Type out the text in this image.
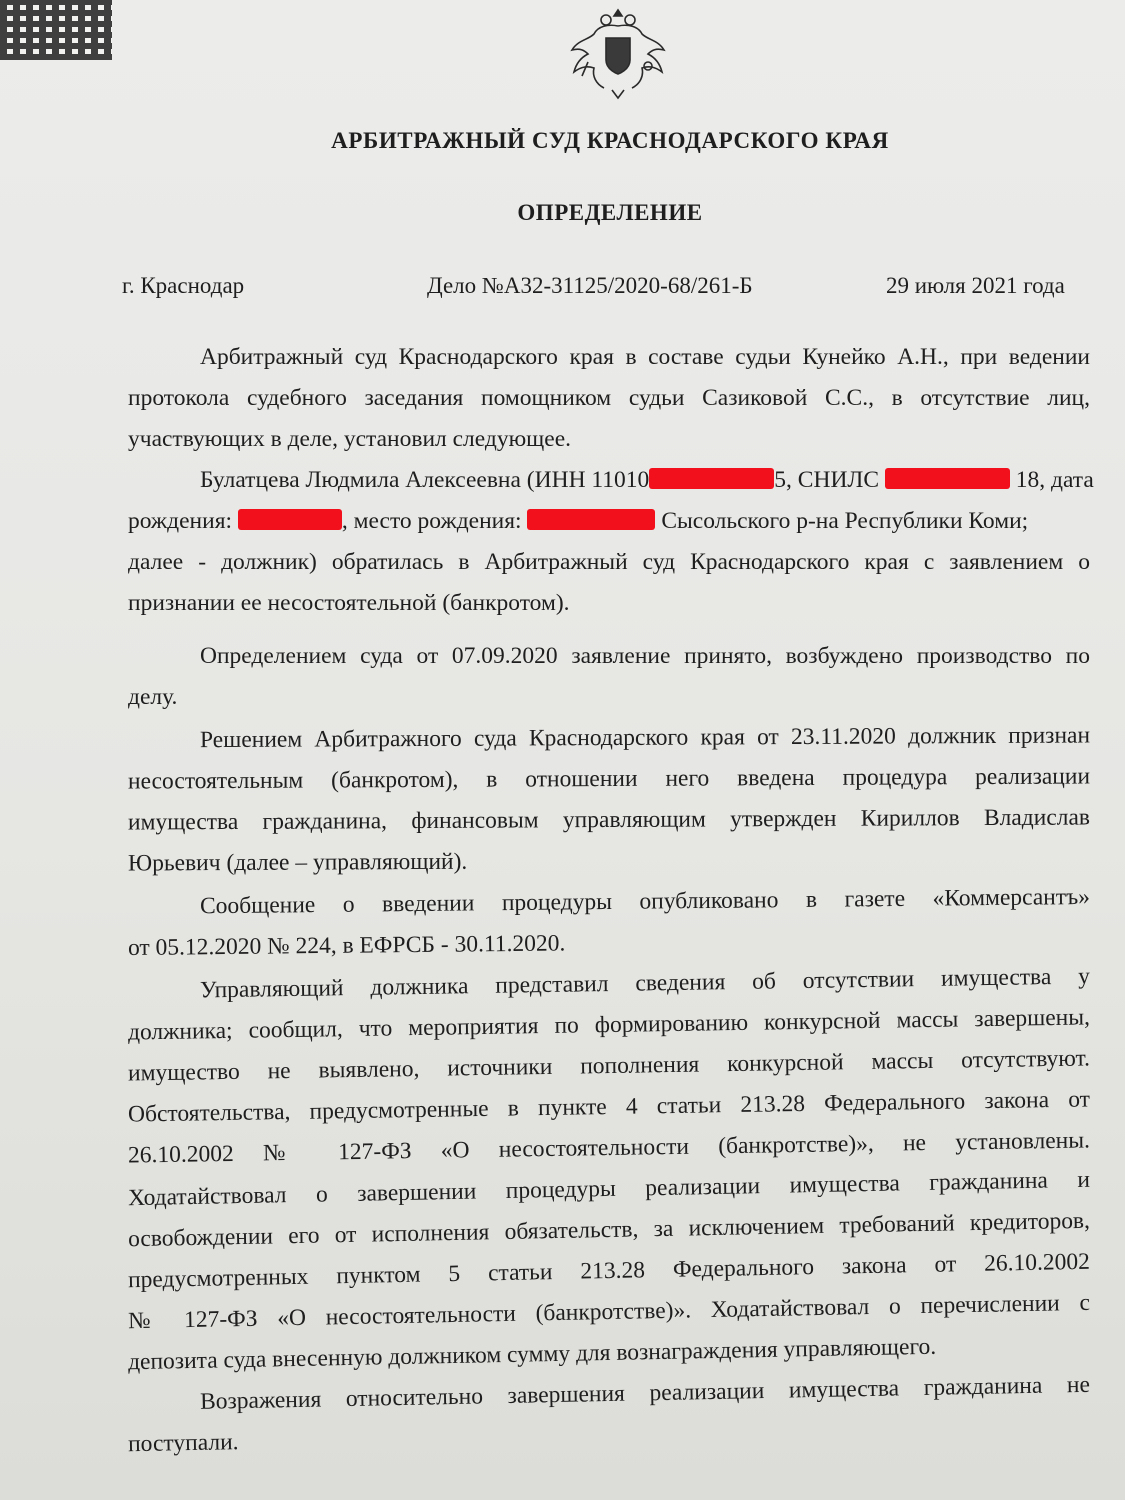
АРБИТРАЖНЫЙ СУД КРАСНОДАРСКОГО КРАЯ
ОПРЕДЕЛЕНИЕ
г. Краснодар	Дело №А32-31125/2020-68/261-Б	29 июля 2021 года
Арбитражный суд Краснодарского края в составе судьи Кунейко А.Н., при ведении
протокола судебного заседания помощником судьи Сазиковой С.С., в отсутствие лиц,
участвующих в деле, установил следующее.
Булатцева Людмила Алексеевна (ИНН 11010	5, СНИЛС	18, дата
рождения:	, место рождения:	Сысольского р-на Республики Коми;
далее - должник) обратилась в Арбитражный суд Краснодарского края с заявлением о
признании ее несостоятельной (банкротом).
Определением суда от 07.09.2020 заявление принято, возбуждено производство по
делу.
Решением Арбитражного суда Краснодарского края от 23.11.2020 должник признан
несостоятельным (банкротом), в отношении него введена процедура реализации
имущества гражданина, финансовым управляющим утвержден Кириллов Владислав
Юрьевич (далее – управляющий).
Сообщение о введении процедуры опубликовано в газете «Коммерсантъ»
от 05.12.2020 № 224, в ЕФРСБ - 30.11.2020.
Управляющий должника представил сведения об отсутствии имущества у
должника; сообщил, что мероприятия по формированию конкурсной массы завершены,
имущество не выявлено, источники пополнения конкурсной массы отсутствуют.
Обстоятельства, предусмотренные в пункте 4 статьи 213.28 Федерального закона от
26.10.2002 № 127-ФЗ «О несостоятельности (банкротстве)», не установлены.
Ходатайствовал о завершении процедуры реализации имущества гражданина и
освобождении его от исполнения обязательств, за исключением требований кредиторов,
предусмотренных пунктом 5 статьи 213.28 Федерального закона от 26.10.2002
№ 127-ФЗ «О несостоятельности (банкротстве)». Ходатайствовал о перечислении с
депозита суда внесенную должником сумму для вознаграждения управляющего.
Возражения относительно завершения реализации имущества гражданина не
поступали.
